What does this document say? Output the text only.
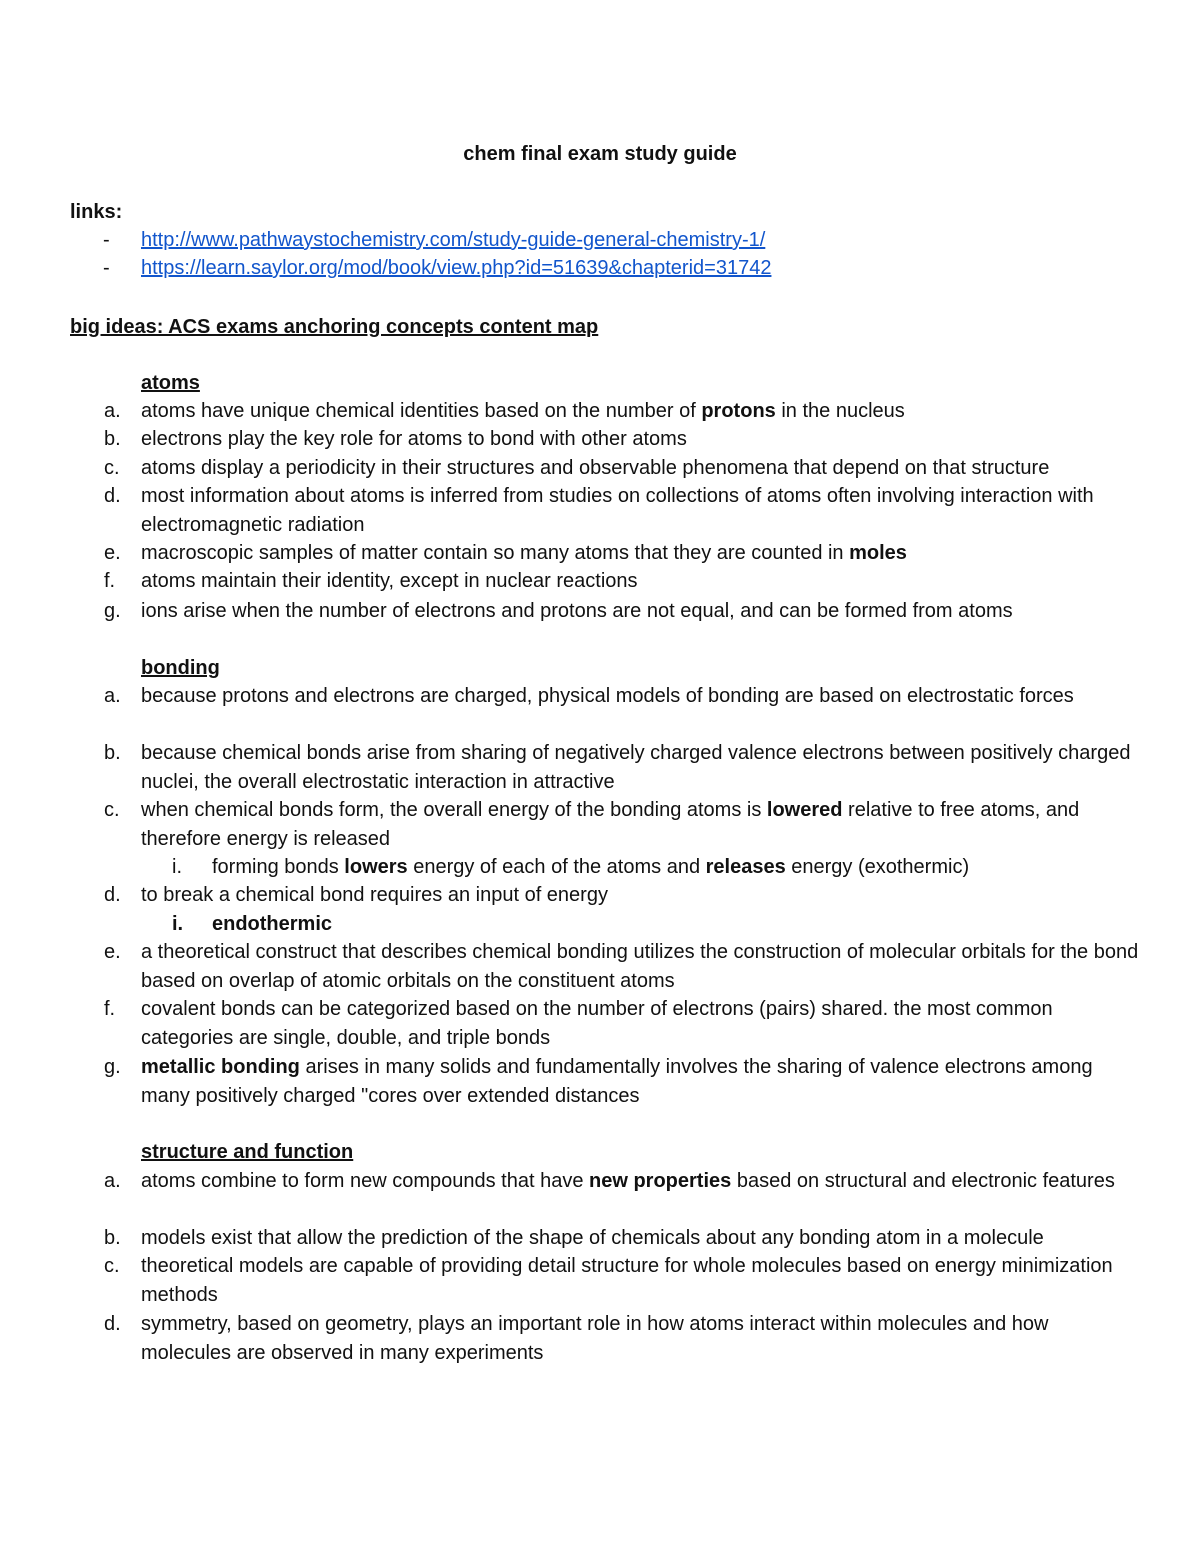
chem final exam study guide
links:
- http://www.pathwaystochemistry.com/study-guide-general-chemistry-1/
- https://learn.saylor.org/mod/book/view.php?id=51639&chapterid=31742
big ideas: ACS exams anchoring concepts content map
atoms
a. atoms have unique chemical identities based on the number of protons in the nucleus
b. electrons play the key role for atoms to bond with other atoms
c. atoms display a periodicity in their structures and observable phenomena that depend on that structure
d. most information about atoms is inferred from studies on collections of atoms often involving interaction with electromagnetic radiation
e. macroscopic samples of matter contain so many atoms that they are counted in moles
f. atoms maintain their identity, except in nuclear reactions
g. ions arise when the number of electrons and protons are not equal, and can be formed from atoms
bonding
a. because protons and electrons are charged, physical models of bonding are based on electrostatic forces
b. because chemical bonds arise from sharing of negatively charged valence electrons between positively charged nuclei, the overall electrostatic interaction in attractive
c. when chemical bonds form, the overall energy of the bonding atoms is lowered relative to free atoms, and therefore energy is released
i. forming bonds lowers energy of each of the atoms and releases energy (exothermic)
d. to break a chemical bond requires an input of energy
i. endothermic
e. a theoretical construct that describes chemical bonding utilizes the construction of molecular orbitals for the bond based on overlap of atomic orbitals on the constituent atoms
f. covalent bonds can be categorized based on the number of electrons (pairs) shared. the most common categories are single, double, and triple bonds
g. metallic bonding arises in many solids and fundamentally involves the sharing of valence electrons among many positively charged "cores over extended distances
structure and function
a. atoms combine to form new compounds that have new properties based on structural and electronic features
b. models exist that allow the prediction of the shape of chemicals about any bonding atom in a molecule
c. theoretical models are capable of providing detail structure for whole molecules based on energy minimization methods
d. symmetry, based on geometry, plays an important role in how atoms interact within molecules and how molecules are observed in many experiments
